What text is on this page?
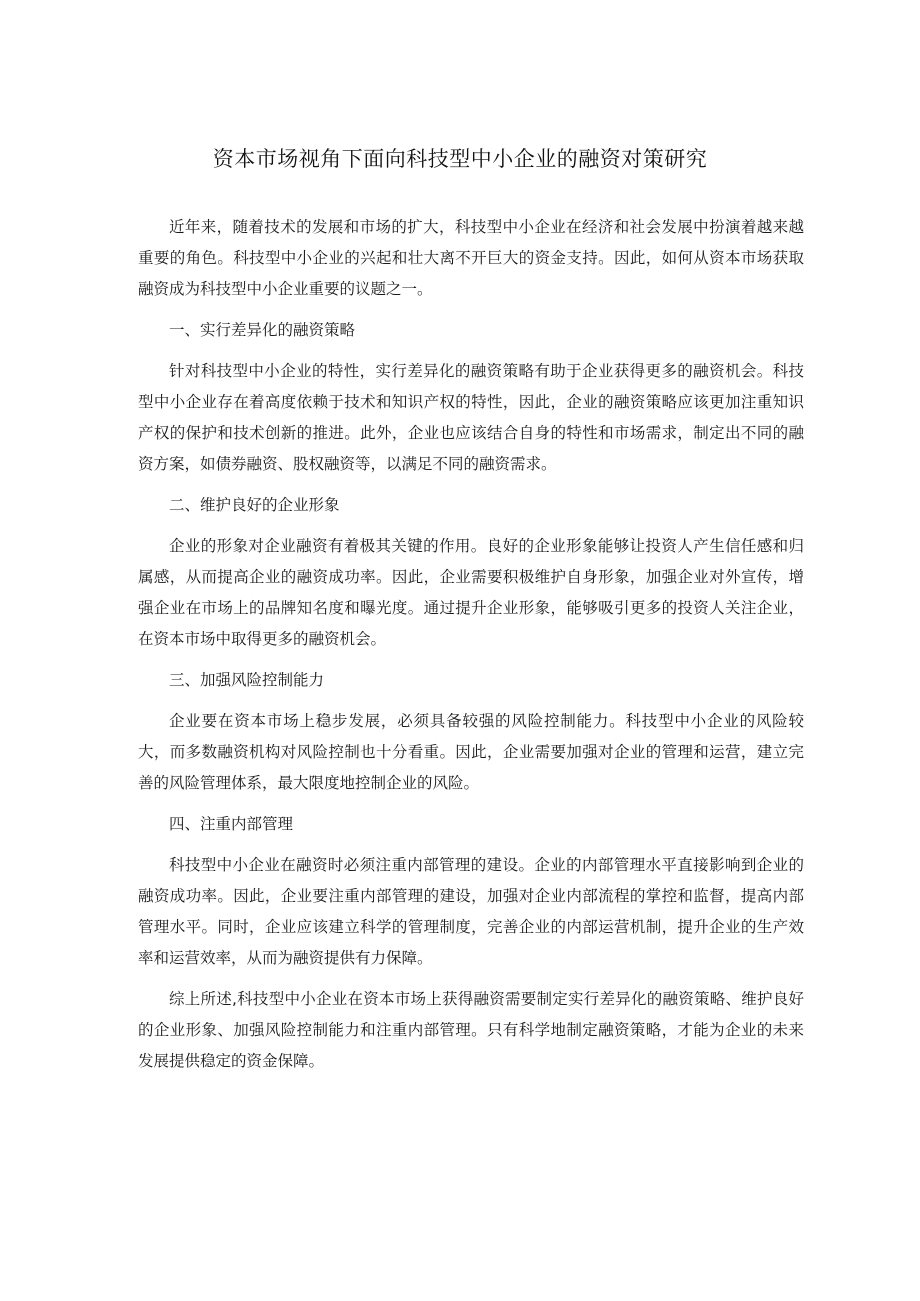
资本市场视角下面向科技型中小企业的融资对策研究

近年来，随着技术的发展和市场的扩大，科技型中小企业在经济和社会发展中扮演着越来越重要的角色。科技型中小企业的兴起和壮大离不开巨大的资金支持。因此，如何从资本市场获取融资成为科技型中小企业重要的议题之一。

一、实行差异化的融资策略

针对科技型中小企业的特性，实行差异化的融资策略有助于企业获得更多的融资机会。科技型中小企业存在着高度依赖于技术和知识产权的特性，因此，企业的融资策略应该更加注重知识产权的保护和技术创新的推进。此外，企业也应该结合自身的特性和市场需求，制定出不同的融资方案，如债券融资、股权融资等，以满足不同的融资需求。

二、维护良好的企业形象

企业的形象对企业融资有着极其关键的作用。良好的企业形象能够让投资人产生信任感和归属感，从而提高企业的融资成功率。因此，企业需要积极维护自身形象，加强企业对外宣传，增强企业在市场上的品牌知名度和曝光度。通过提升企业形象，能够吸引更多的投资人关注企业，在资本市场中取得更多的融资机会。

三、加强风险控制能力

企业要在资本市场上稳步发展，必须具备较强的风险控制能力。科技型中小企业的风险较大，而多数融资机构对风险控制也十分看重。因此，企业需要加强对企业的管理和运营，建立完善的风险管理体系，最大限度地控制企业的风险。

四、注重内部管理

科技型中小企业在融资时必须注重内部管理的建设。企业的内部管理水平直接影响到企业的融资成功率。因此，企业要注重内部管理的建设，加强对企业内部流程的掌控和监督，提高内部管理水平。同时，企业应该建立科学的管理制度，完善企业的内部运营机制，提升企业的生产效率和运营效率，从而为融资提供有力保障。

综上所述,科技型中小企业在资本市场上获得融资需要制定实行差异化的融资策略、维护良好的企业形象、加强风险控制能力和注重内部管理。只有科学地制定融资策略，才能为企业的未来发展提供稳定的资金保障。
